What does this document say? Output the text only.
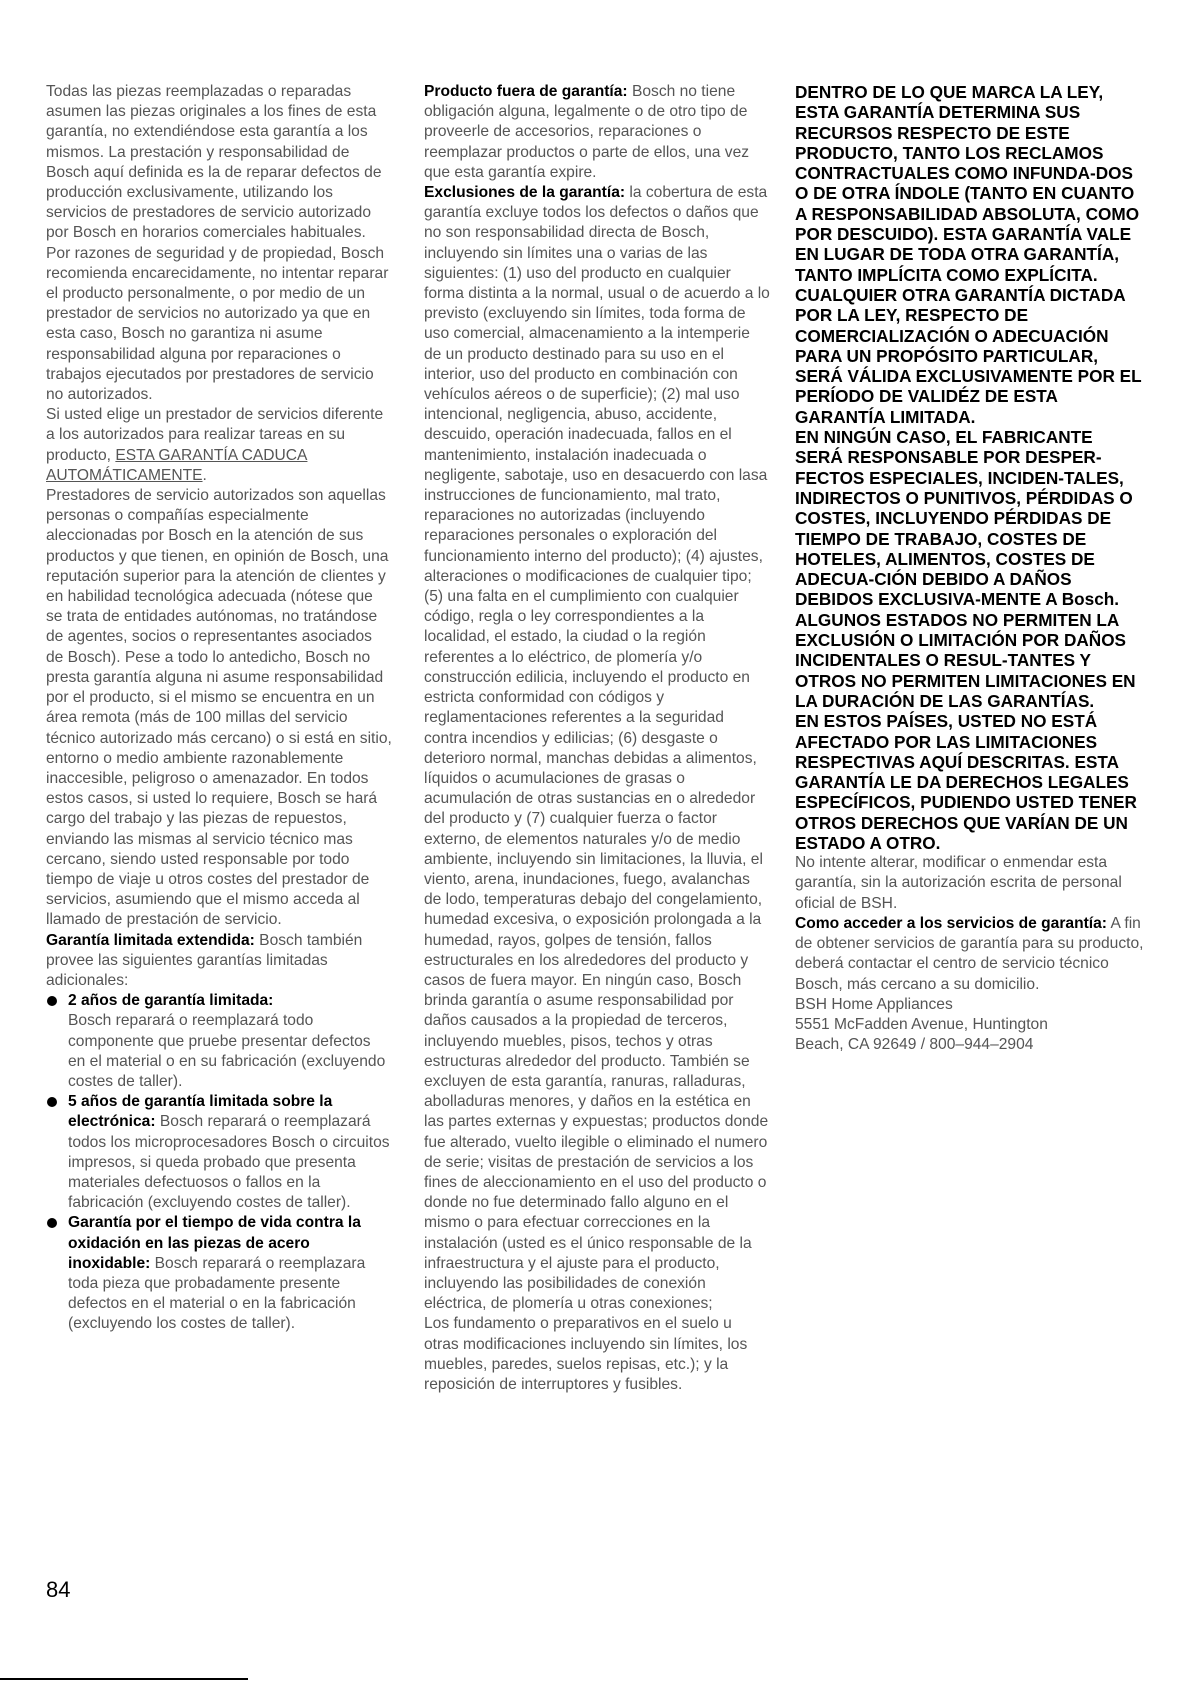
Todas las piezas reemplazadas o reparadas asumen las piezas originales a los fines de esta garantía, no extendiéndose esta garantía a los mismos. La prestación y responsabilidad de Bosch aquí definida es la de reparar defectos de producción exclusivamente, utilizando los servicios de prestadores de servicio autorizado por Bosch en horarios comerciales habituales. Por razones de seguridad y de propiedad, Bosch recomienda encarecidamente, no intentar reparar el producto personalmente, o por medio de un prestador de servicios no autorizado ya que en esta caso, Bosch no garantiza ni asume responsabilidad alguna por reparaciones o trabajos ejecutados por prestadores de servicio no autorizados.

Si usted elige un prestador de servicios diferente a los autorizados para realizar tareas en su producto, ESTA GARANTÍA CADUCA AUTOMÁTICAMENTE.

Prestadores de servicio autorizados son aquellas personas o compañías especialmente aleccionadas por Bosch en la atención de sus productos y que tienen, en opinión de Bosch, una reputación superior para la atención de clientes y en habilidad tecnológica adecuada (nótese que se trata de entidades autónomas, no tratándose de agentes, socios o representantes asociados de Bosch). Pese a todo lo antedicho, Bosch no presta garantía alguna ni asume responsabilidad por el producto, si el mismo se encuentra en un área remota (más de 100 millas del servicio técnico autorizado más cercano) o si está en sitio, entorno o medio ambiente razonablemente inaccesible, peligroso o amenazador. En todos estos casos, si usted lo requiere, Bosch se hará cargo del trabajo y las piezas de repuestos, enviando las mismas al servicio técnico mas cercano, siendo usted responsable por todo tiempo de viaje u otros costes del prestador de servicios, asumiendo que el mismo acceda al llamado de prestación de servicio.

Garantía limitada extendida: Bosch también provee las siguientes garantías limitadas adicionales:

2 años de garantía limitada:
Bosch reparará o reemplazará todo componente que pruebe presentar defectos en el material o en su fabricación (excluyendo costes de taller).
5 años de garantía limitada sobre la electrónica: Bosch reparará o reemplazará todos los microprocesadores Bosch o circuitos impresos, si queda probado que presenta materiales defectuosos o fallos en la fabricación (excluyendo costes de taller).
Garantía por el tiempo de vida contra la oxidación en las piezas de acero inoxidable: Bosch reparará o reemplazara toda pieza que probadamente presente defectos en el material o en la fabricación (excluyendo los costes de taller).

Producto fuera de garantía: Bosch no tiene obligación alguna, legalmente o de otro tipo de proveerle de accesorios, reparaciones o reemplazar productos o parte de ellos, una vez que esta garantía expire.

Exclusiones de la garantía: la cobertura de esta garantía excluye todos los defectos o daños que no son responsabilidad directa de Bosch, incluyendo sin límites una o varias de las siguientes: (1) uso del producto en cualquier forma distinta a la normal, usual o de acuerdo a lo previsto (excluyendo sin límites, toda forma de uso comercial, almacenamiento a la intemperie de un producto destinado para su uso en el interior, uso del producto en combinación con vehículos aéreos o de superficie); (2) mal uso intencional, negligencia, abuso, accidente, descuido, operación inadecuada, fallos en el mantenimiento, instalación inadecuada o negligente, sabotaje, uso en desacuerdo con lasa instrucciones de funcionamiento, mal trato, reparaciones no autorizadas (incluyendo reparaciones personales o exploración del funcionamiento interno del producto); (4) ajustes, alteraciones o modificaciones de cualquier tipo; (5) una falta en el cumplimiento con cualquier código, regla o ley correspondientes a la localidad, el estado, la ciudad o la región referentes a lo eléctrico, de plomería y/o construcción edilicia, incluyendo el producto en estricta conformidad con códigos y reglamentaciones referentes a la seguridad contra incendios y edilicias; (6) desgaste o deterioro normal, manchas debidas a alimentos, líquidos o acumulaciones de grasas o acumulación de otras sustancias en o alrededor del producto y (7) cualquier fuerza o factor externo, de elementos naturales y/o de medio ambiente, incluyendo sin limitaciones, la lluvia, el viento, arena, inundaciones, fuego, avalanchas de lodo, temperaturas debajo del congelamiento, humedad excesiva, o exposición prolongada a la humedad, rayos, golpes de tensión, fallos estructurales en los alrededores del producto y casos de fuera mayor. En ningún caso, Bosch brinda garantía o asume responsabilidad por daños causados a la propiedad de terceros, incluyendo muebles, pisos, techos y otras estructuras alrededor del producto. También se excluyen de esta garantía, ranuras, ralladuras, abolladuras menores, y daños en la estética en las partes externas y expuestas; productos donde fue alterado, vuelto ilegible o eliminado el numero de serie; visitas de prestación de servicios a los fines de aleccionamiento en el uso del producto o donde no fue determinado fallo alguno en el mismo o para efectuar correcciones en la instalación (usted es el único responsable de la infraestructura y el ajuste para el producto, incluyendo las posibilidades de conexión eléctrica, de plomería u otras conexiones;

Los fundamento o preparativos en el suelo u otras modificaciones incluyendo sin límites, los muebles, paredes, suelos repisas, etc.); y la reposición de interruptores y fusibles.

DENTRO DE LO QUE MARCA LA LEY, ESTA GARANTÍA DETERMINA SUS RECURSOS RESPECTO DE ESTE PRODUCTO, TANTO LOS RECLAMOS CONTRACTUALES COMO INFUNDA-DOS O DE OTRA ÍNDOLE (TANTO EN CUANTO A RESPONSABILIDAD ABSOLUTA, COMO POR DESCUIDO). ESTA GARANTÍA VALE EN LUGAR DE TODA OTRA GARANTÍA, TANTO IMPLÍCITA COMO EXPLÍCITA. CUALQUIER OTRA GARANTÍA DICTADA POR LA LEY, RESPECTO DE COMERCIALIZACIÓN O ADECUACIÓN PARA UN PROPÓSITO PARTICULAR, SERÁ VÁLIDA EXCLUSIVAMENTE POR EL PERÍODO DE VALIDÉZ DE ESTA GARANTÍA LIMITADA.

EN NINGÚN CASO, EL FABRICANTE SERÁ RESPONSABLE POR DESPER-FECTOS ESPECIALES, INCIDEN-TALES, INDIRECTOS O PUNITIVOS, PÉRDIDAS O COSTES, INCLUYENDO PÉRDIDAS DE TIEMPO DE TRABAJO, COSTES DE HOTELES, ALIMENTOS, COSTES DE ADECUA-CIÓN DEBIDO A DAÑOS DEBIDOS EXCLUSIVA-MENTE A Bosch. ALGUNOS ESTADOS NO PERMITEN LA EXCLUSIÓN O LIMITACIÓN POR DAÑOS INCIDENTALES O RESUL-TANTES Y OTROS NO PERMITEN LIMITACIONES EN LA DURACIÓN DE LAS GARANTÍAS.

EN ESTOS PAÍSES, USTED NO ESTÁ AFECTADO POR LAS LIMITACIONES RESPECTIVAS AQUÍ DESCRITAS. ESTA GARANTÍA LE DA DERECHOS LEGALES ESPECÍFICOS, PUDIENDO USTED TENER OTROS DERECHOS QUE VARÍAN DE UN ESTADO A OTRO.

No intente alterar, modificar o enmendar esta garantía, sin la autorización escrita de personal oficial de BSH.

Como acceder a los servicios de garantía: A fin de obtener servicios de garantía para su producto, deberá contactar el centro de servicio técnico Bosch, más cercano a su domicilio.

BSH Home Appliances

5551 McFadden Avenue, Huntington

Beach, CA 92649 / 800–944–2904

84
